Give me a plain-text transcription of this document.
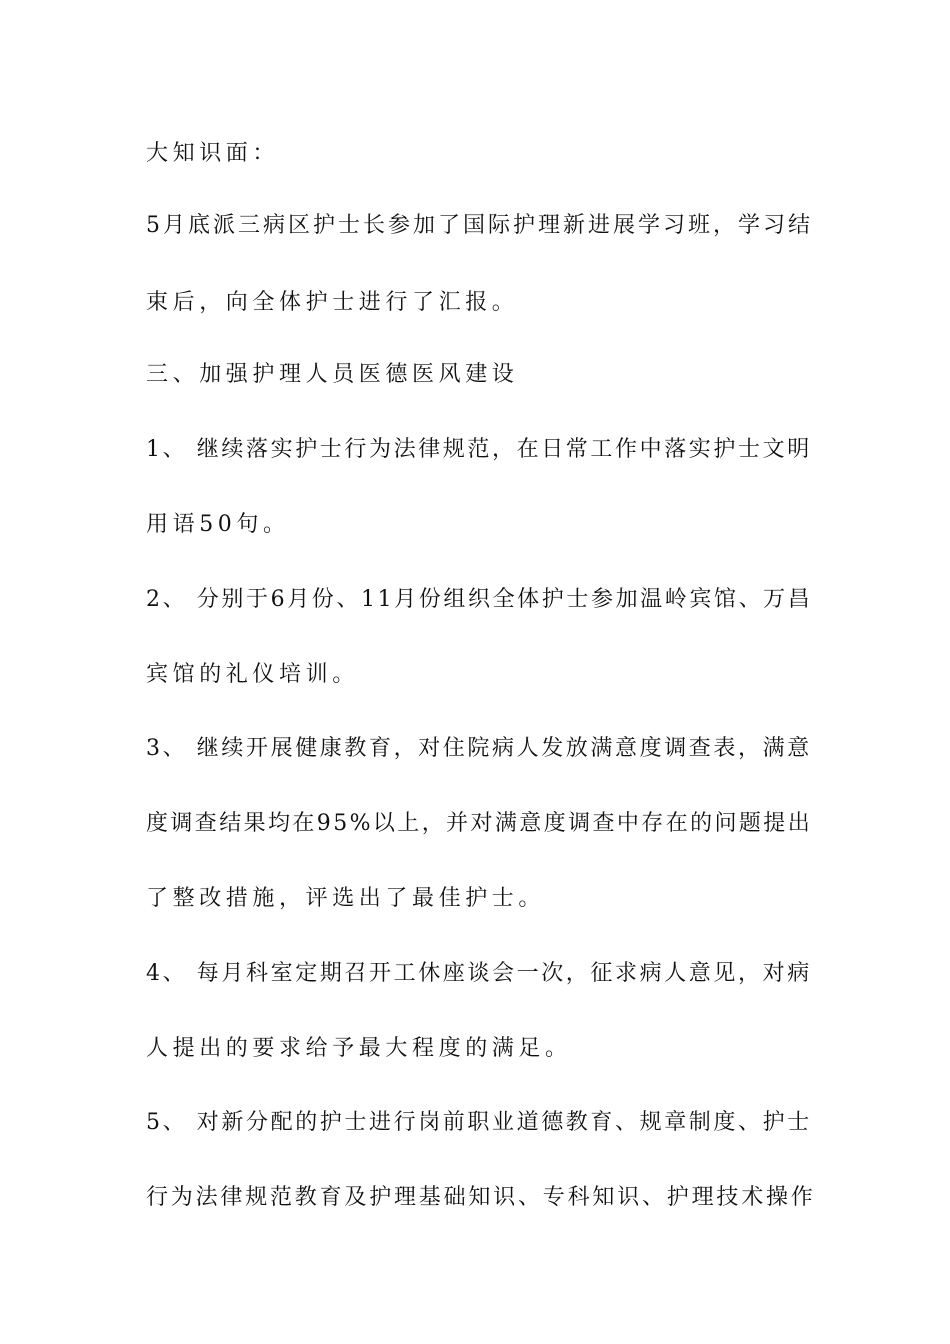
大知识面：
5月底派三病区护士长参加了国际护理新进展学习班，学习结
束后，向全体护士进行了汇报。
三、加强护理人员医德医风建设
1、 继续落实护士行为法律规范，在日常工作中落实护士文明
用语50句。
2、 分别于6月份、11月份组织全体护士参加温岭宾馆、万昌
宾馆的礼仪培训。
3、 继续开展健康教育，对住院病人发放满意度调查表，满意
度调查结果均在95%以上，并对满意度调查中存在的问题提出
了整改措施，评选出了最佳护士。
4、 每月科室定期召开工休座谈会一次，征求病人意见，对病
人提出的要求给予最大程度的满足。
5、 对新分配的护士进行岗前职业道德教育、规章制度、护士
行为法律规范教育及护理基础知识、专科知识、护理技术操作
